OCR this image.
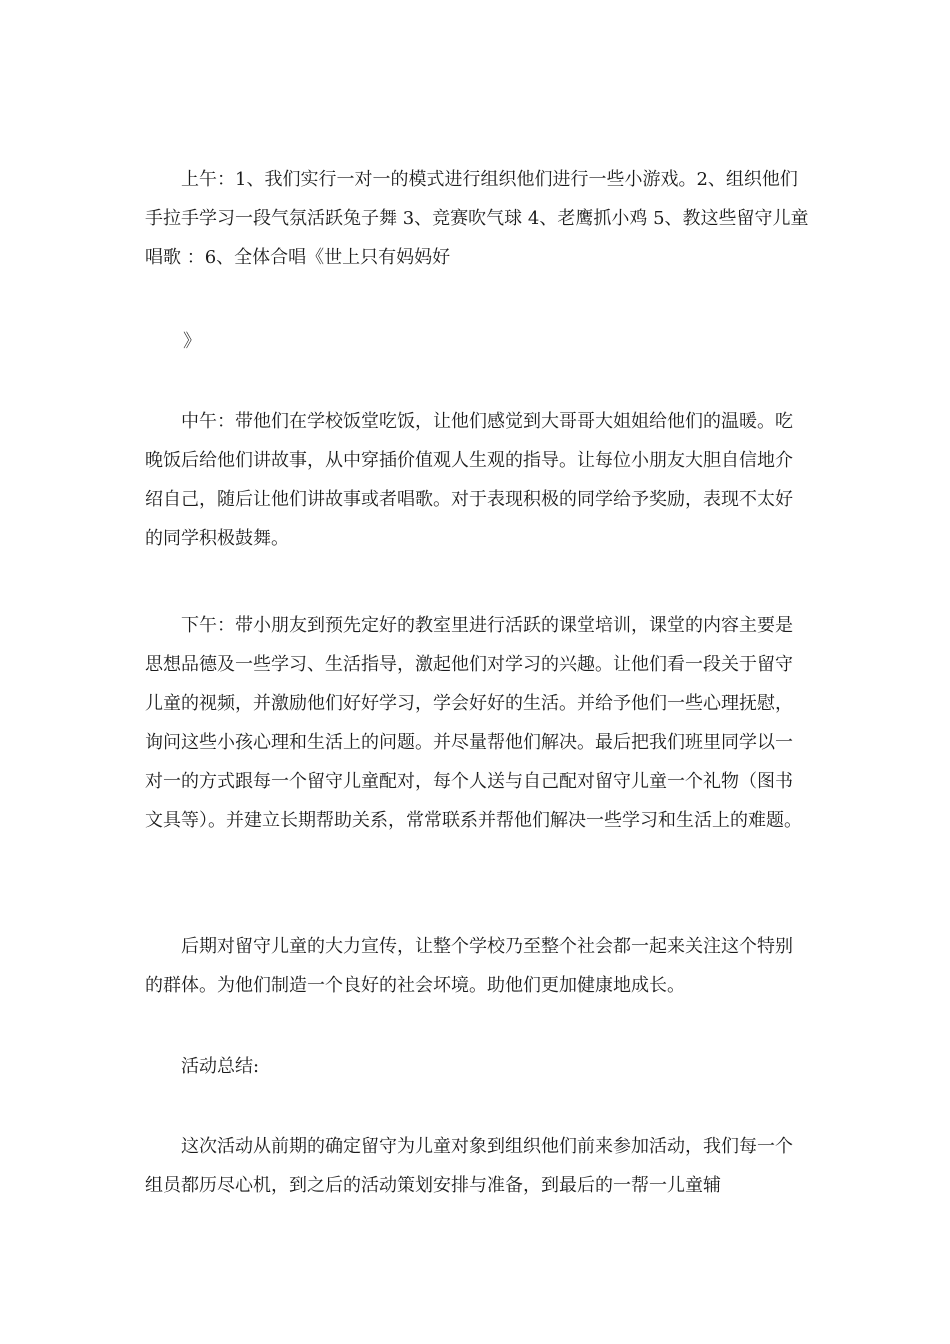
上午：1、我们实行一对一的模式进行组织他们进行一些小游戏。2、组织他们手拉手学习一段气氛活跃兔子舞 3、竞赛吹气球 4、老鹰抓小鸡 5、教这些留守儿童唱歌 ：6、全体合唱《世上只有妈妈好

》

中午：带他们在学校饭堂吃饭，让他们感觉到大哥哥大姐姐给他们的温暖。吃晚饭后给他们讲故事，从中穿插价值观人生观的指导。让每位小朋友大胆自信地介绍自己，随后让他们讲故事或者唱歌。对于表现积极的同学给予奖励，表现不太好的同学积极鼓舞。

下午：带小朋友到预先定好的教室里进行活跃的课堂培训，课堂的内容主要是思想品德及一些学习、生活指导，激起他们对学习的兴趣。让他们看一段关于留守儿童的视频，并激励他们好好学习，学会好好的生活。并给予他们一些心理抚慰，询问这些小孩心理和生活上的问题。并尽量帮他们解决。最后把我们班里同学以一对一的方式跟每一个留守儿童配对，每个人送与自己配对留守儿童一个礼物（图书文具等）。并建立长期帮助关系，常常联系并帮他们解决一些学习和生活上的难题。

后期对留守儿童的大力宣传，让整个学校乃至整个社会都一起来关注这个特别的群体。为他们制造一个良好的社会坏境。助他们更加健康地成长。

活动总结:

这次活动从前期的确定留守为儿童对象到组织他们前来参加活动，我们每一个组员都历尽心机，到之后的活动策划安排与准备，到最后的一帮一儿童辅
